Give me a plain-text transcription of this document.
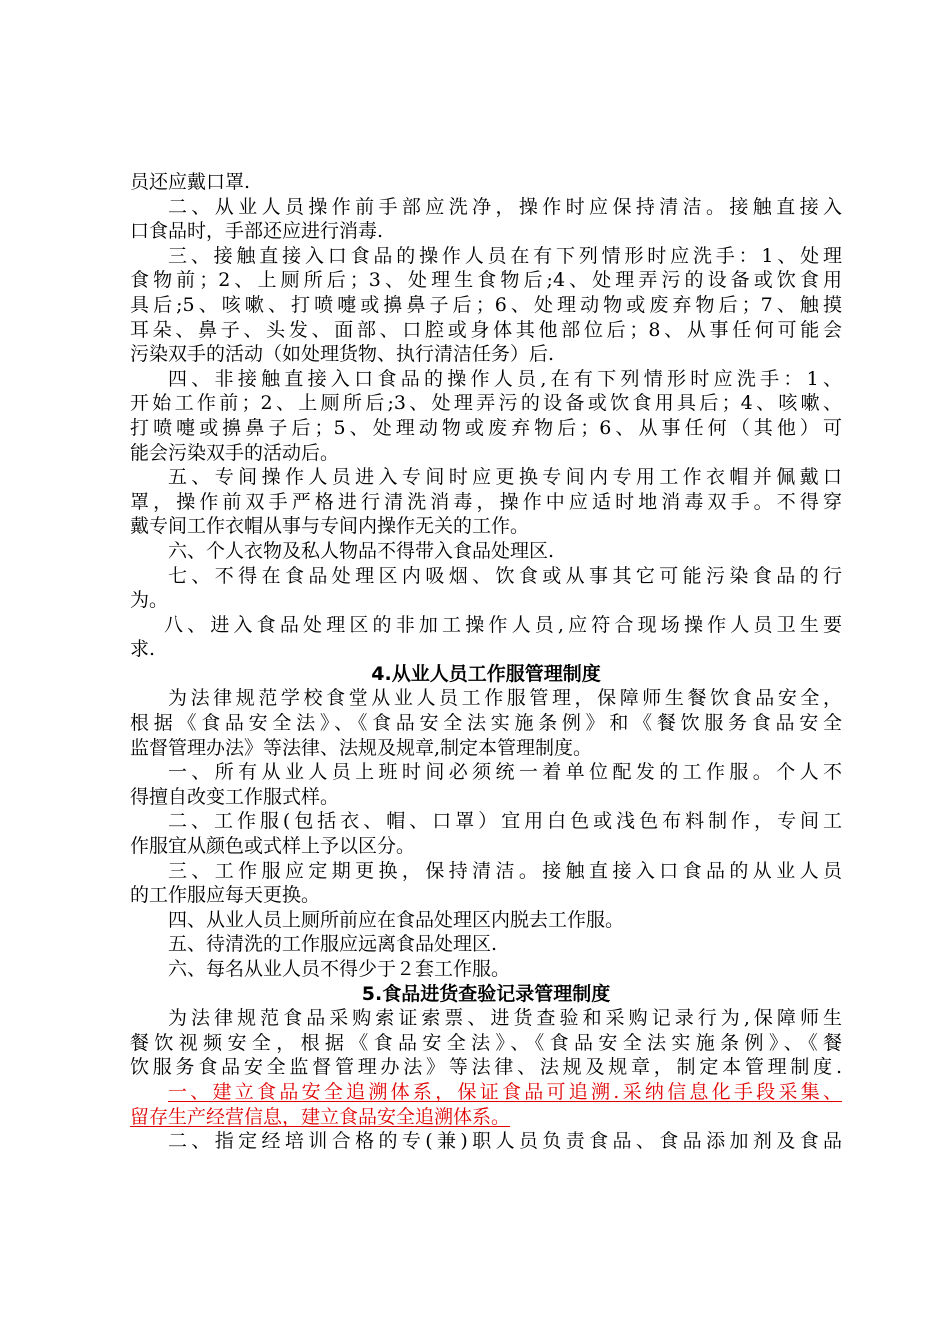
员还应戴口罩.
二、从业人员操作前手部应洗净，操作时应保持清洁。接触直接入
口食品时，手部还应进行消毒.
三、接触直接入口食品的操作人员在有下列情形时应洗手：1、处理
食物前；2、上厕所后；3、处理生食物后;4、处理弄污的设备或饮食用
具后;5、咳嗽、打喷嚏或擤鼻子后；6、处理动物或废弃物后；7、触摸
耳朵、鼻子、头发、面部、口腔或身体其他部位后；8、从事任何可能会
污染双手的活动（如处理货物、执行清洁任务）后.
四、非接触直接入口食品的操作人员,在有下列情形时应洗手：1、
开始工作前；2、上厕所后;3、处理弄污的设备或饮食用具后；4、咳嗽、
打喷嚏或擤鼻子后；5、处理动物或废弃物后；6、从事任何（其他）可
能会污染双手的活动后。
五、专间操作人员进入专间时应更换专间内专用工作衣帽并佩戴口
罩，操作前双手严格进行清洗消毒，操作中应适时地消毒双手。不得穿
戴专间工作衣帽从事与专间内操作无关的工作。
六、个人衣物及私人物品不得带入食品处理区.
七、不得在食品处理区内吸烟、饮食或从事其它可能污染食品的行
为。
八、进入食品处理区的非加工操作人员,应符合现场操作人员卫生要
求.
4.从业人员工作服管理制度
为法律规范学校食堂从业人员工作服管理，保障师生餐饮食品安全，
根据《食品安全法》、《食品安全法实施条例》和《餐饮服务食品安全
监督管理办法》等法律、法规及规章,制定本管理制度。
一、所有从业人员上班时间必须统一着单位配发的工作服。个人不
得擅自改变工作服式样。
二、工作服(包括衣、帽、口罩）宜用白色或浅色布料制作，专间工
作服宜从颜色或式样上予以区分。
三、工作服应定期更换，保持清洁。接触直接入口食品的从业人员
的工作服应每天更换。
四、从业人员上厕所前应在食品处理区内脱去工作服。
五、待清洗的工作服应远离食品处理区.
六、每名从业人员不得少于２套工作服。
5.食品进货查验记录管理制度
为法律规范食品采购索证索票、进货查验和采购记录行为,保障师生
餐饮视频安全，根据《食品安全法》、《食品安全法实施条例》、《餐
饮服务食品安全监督管理办法》等法律、法规及规章，制定本管理制度.
一、建立食品安全追溯体系，保证食品可追溯.采纳信息化手段采集、
留存生产经营信息，建立食品安全追溯体系。
二、指定经培训合格的专(兼)职人员负责食品、食品添加剂及食品
